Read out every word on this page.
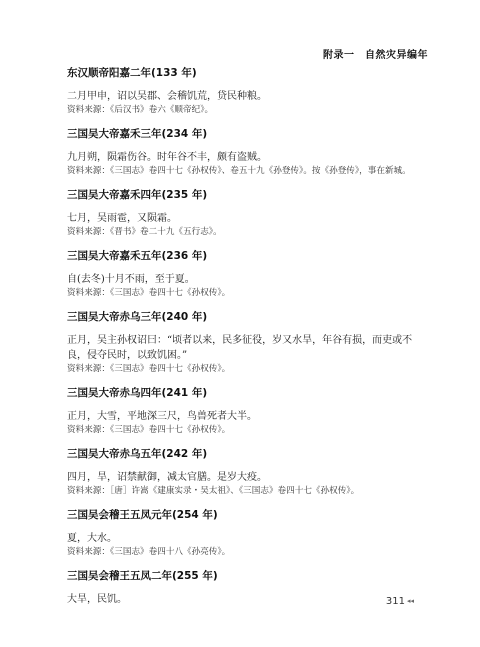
附录一　自然灾异编年
东汉顺帝阳嘉二年(133 年)

二月甲申，诏以吴郡、会稽饥荒，贷民种粮。

资料来源：《后汉书》卷六《顺帝纪》。

三国吴大帝嘉禾三年(234 年)

九月朔，陨霜伤谷。时年谷不丰，颇有盗贼。

资料来源：《三国志》卷四十七《孙权传》、卷五十九《孙登传》。按《孙登传》，事在新城。

三国吴大帝嘉禾四年(235 年)

七月，吴雨雹，又陨霜。

资料来源：《晋书》卷二十九《五行志》。

三国吴大帝嘉禾五年(236 年)

自(去冬)十月不雨，至于夏。

资料来源：《三国志》卷四十七《孙权传》。

三国吴大帝赤乌三年(240 年)

正月，吴主孙权诏曰：“顷者以来，民多征役，岁又水旱，年谷有损，而吏或不良，侵夺民时，以致饥困。”

资料来源：《三国志》卷四十七《孙权传》。

三国吴大帝赤乌四年(241 年)

正月，大雪，平地深三尺，鸟兽死者大半。

资料来源：《三国志》卷四十七《孙权传》。

三国吴大帝赤乌五年(242 年)

四月，旱，诏禁献御，减太官膳。是岁大疫。

资料来源：［唐］许嵩《建康实录・吴太祖》、《三国志》卷四十七《孙权传》。

三国吴会稽王五凤元年(254 年)

夏，大水。

资料来源：《三国志》卷四十八《孙亮传》。

三国吴会稽王五凤二年(255 年)

大旱，民饥。	311 ◂◂
